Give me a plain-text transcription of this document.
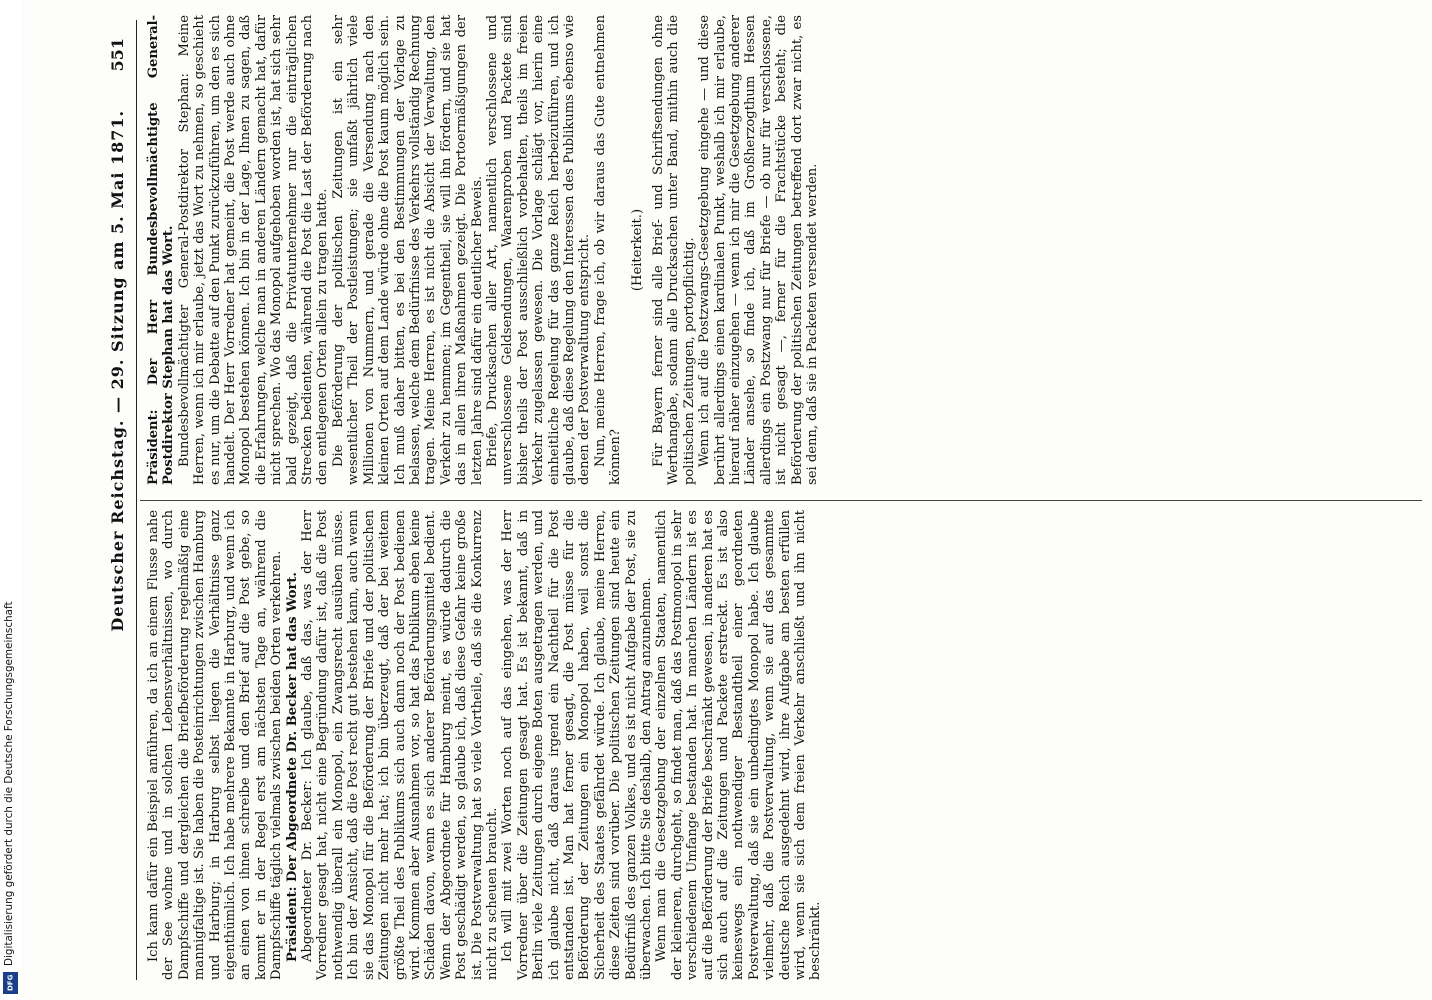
Digitalisierung gefördert durch die Deutsche Forschungsgemeinschaft
DFG
Deutscher Reichstag. — 29. Sitzung am 5. Mai 1871.
551

Ich kann dafür ein Beispiel anführen, da ich an einem Flusse nahe der See wohne und in solchen Lebensverhältnissen, wo durch Dampfschiffe und dergleichen die Briefbeförderung regelmäßig eine mannigfaltige ist. Sie haben die Posteinrichtungen zwischen Hamburg und Harburg; in Harburg selbst liegen die Verhältnisse ganz eigenthümlich. Ich habe mehrere Bekannte in Harburg, und wenn ich an einen von ihnen schreibe und den Brief auf die Post gebe, so kommt er in der Regel erst am nächsten Tage an, während die Dampfschiffe täglich vielmals zwischen beiden Orten verkehren. Präsident: Der Abgeordnete Dr. Becker hat das Wort. Abgeordneter Dr. Becker: Ich glaube, daß das, was der Herr Vorredner gesagt hat, nicht eine Begründung dafür ist, daß die Post nothwendig überall ein Monopol, ein Zwangsrecht ausüben müsse. Ich bin der Ansicht, daß die Post recht gut bestehen kann, auch wenn sie das Monopol für die Beförderung der Briefe und der politischen Zeitungen nicht mehr hat; ich bin überzeugt, daß der bei weitem größte Theil des Publikums sich auch dann noch der Post bedienen wird. Kommen aber Ausnahmen vor, so hat das Publikum eben keine Schäden davon, wenn es sich anderer Beförderungsmittel bedient. Wenn der Abgeordnete für Hamburg meint, es würde dadurch die Post geschädigt werden, so glaube ich, daß diese Gefahr keine große ist. Die Postverwaltung hat so viele Vortheile, daß sie die Konkurrenz nicht zu scheuen braucht. Ich will mit zwei Worten noch auf das eingehen, was der Herr Vorredner über die Zeitungen gesagt hat. Es ist bekannt, daß in Berlin viele Zeitungen durch eigene Boten ausgetragen werden, und ich glaube nicht, daß daraus irgend ein Nachtheil für die Post entstanden ist. Man hat ferner gesagt, die Post müsse für die Beförderung der Zeitungen ein Monopol haben, weil sonst die Sicherheit des Staates gefährdet würde. Ich glaube, meine Herren, diese Zeiten sind vorüber. Die politischen Zeitungen sind heute ein Bedürfniß des ganzen Volkes, und es ist nicht Aufgabe der Post, sie zu überwachen. Ich bitte Sie deshalb, den Antrag anzunehmen. Wenn man die Gesetzgebung der einzelnen Staaten, namentlich der kleineren, durchgeht, so findet man, daß das Postmonopol in sehr verschiedenem Umfange bestanden hat. In manchen Ländern ist es auf die Beförderung der Briefe beschränkt gewesen, in anderen hat es sich auch auf die Zeitungen und Packete erstreckt. Es ist also keineswegs ein nothwendiger Bestandtheil einer geordneten Postverwaltung, daß sie ein unbedingtes Monopol habe. Ich glaube vielmehr, daß die Postverwaltung, wenn sie auf das gesammte deutsche Reich ausgedehnt wird, ihre Aufgabe am besten erfüllen wird, wenn sie sich dem freien Verkehr anschließt und ihn nicht beschränkt.

Präsident: Der Herr Bundesbevollmächtigte General-Postdirektor Stephan hat das Wort. Bundesbevollmächtigter General-Postdirektor Stephan: Meine Herren, wenn ich mir erlaube, jetzt das Wort zu nehmen, so geschieht es nur, um die Debatte auf den Punkt zurückzuführen, um den es sich handelt. Der Herr Vorredner hat gemeint, die Post werde auch ohne Monopol bestehen können. Ich bin in der Lage, Ihnen zu sagen, daß die Erfahrungen, welche man in anderen Ländern gemacht hat, dafür nicht sprechen. Wo das Monopol aufgehoben worden ist, hat sich sehr bald gezeigt, daß die Privatunternehmer nur die einträglichen Strecken bedienten, während die Post die Last der Beförderung nach den entlegenen Orten allein zu tragen hatte. Die Beförderung der politischen Zeitungen ist ein sehr wesentlicher Theil der Postleistungen; sie umfaßt jährlich viele Millionen von Nummern, und gerade die Versendung nach den kleinen Orten auf dem Lande würde ohne die Post kaum möglich sein. Ich muß daher bitten, es bei den Bestimmungen der Vorlage zu belassen, welche dem Bedürfnisse des Verkehrs vollständig Rechnung tragen. Meine Herren, es ist nicht die Absicht der Verwaltung, den Verkehr zu hemmen; im Gegentheil, sie will ihn fördern, und sie hat das in allen ihren Maßnahmen gezeigt. Die Portoermäßigungen der letzten Jahre sind dafür ein deutlicher Beweis. Briefe, Drucksachen aller Art, namentlich verschlossene und unverschlossene Geldsendungen, Waarenproben und Packete sind bisher theils der Post ausschließlich vorbehalten, theils im freien Verkehr zugelassen gewesen. Die Vorlage schlägt vor, hierin eine einheitliche Regelung für das ganze Reich herbeizuführen, und ich glaube, daß diese Regelung den Interessen des Publikums ebenso wie denen der Postverwaltung entspricht. Nun, meine Herren, frage ich, ob wir daraus das Gute entnehmen können?

(Heiterkeit.) Für Bayern ferner sind alle Brief- und Schriftsendungen ohne Werthangabe, sodann alle Drucksachen unter Band, mithin auch die politischen Zeitungen, portopflichtig. Wenn ich auf die Postzwangs-Gesetzgebung eingehe — und diese berührt allerdings einen kardinalen Punkt, weshalb ich mir erlaube, hierauf näher einzugehen — wenn ich mir die Gesetzgebung anderer Länder ansehe, so finde ich, daß im Großherzogthum Hessen allerdings ein Postzwang nur für Briefe — ob nur für verschlossene, ist nicht gesagt —, ferner für die Frachtstücke besteht; die Beförderung der politischen Zeitungen betreffend dort zwar nicht, es sei denn, daß sie in Packeten versendet werden.
